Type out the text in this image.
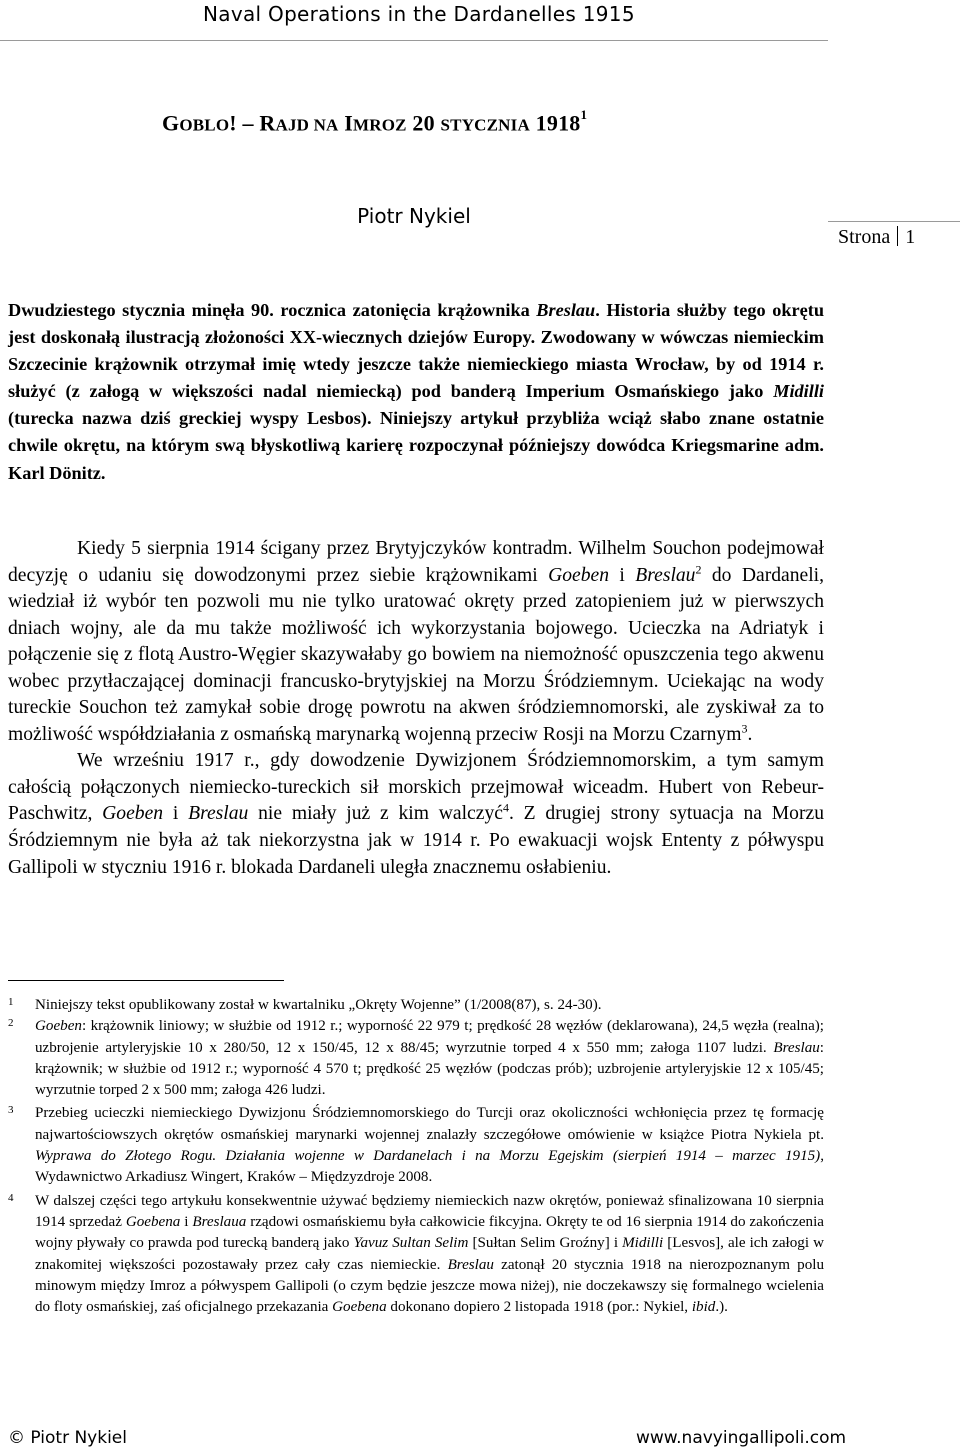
Naval Operations in the Dardanelles 1915
GOBLO! – RAJD NA IMROZ 20 STYCZNIA 1918$^1$
Piotr Nykiel
Strona 1

Dwudziestego stycznia minęła 90. rocznica zatonięcia krążownika Breslau. Historia służby tego okrętu jest doskonałą ilustracją złożoności XX-wiecznych dziejów Europy. Zwodowany w wówczas niemieckim Szczecinie krążownik otrzymał imię wtedy jeszcze także niemieckiego miasta Wrocław, by od 1914 r. służyć (z załogą w większości nadal niemiecką) pod banderą Imperium Osmańskiego jako Midilli (turecka nazwa dziś greckiej wyspy Lesbos). Niniejszy artykuł przybliża wciąż słabo znane ostatnie chwile okrętu, na którym swą błyskotliwą karierę rozpoczynał późniejszy dowódca Kriegsmarine adm. Karl Dönitz.

Kiedy 5 sierpnia 1914 ścigany przez Brytyjczyków kontradm. Wilhelm Souchon podejmował decyzję o udaniu się dowodzonymi przez siebie krążownikami Goeben i Breslau$^2$ do Dardaneli, wiedział iż wybór ten pozwoli mu nie tylko uratować okręty przed zatopieniem już w pierwszych dniach wojny, ale da mu także możliwość ich wykorzystania bojowego. Ucieczka na Adriatyk i połączenie się z flotą Austro-Węgier skazywałaby go bowiem na niemożność opuszczenia tego akwenu wobec przytłaczającej dominacji francusko-brytyjskiej na Morzu Śródziemnym. Uciekając na wody tureckie Souchon też zamykał sobie drogę powrotu na akwen śródziemnomorski, ale zyskiwał za to możliwość współdziałania z osmańską marynarką wojenną przeciw Rosji na Morzu Czarnym$^3$.

We wrześniu 1917 r., gdy dowodzenie Dywizjonem Śródziemnomorskim, a tym samym całością połączonych niemiecko-tureckich sił morskich przejmował wiceadm. Hubert von Rebeur-Paschwitz, Goeben i Breslau nie miały już z kim walczyć$^4$. Z drugiej strony sytuacja na Morzu Śródziemnym nie była aż tak niekorzystna jak w 1914 r. Po ewakuacji wojsk Ententy z półwyspu Gallipoli w styczniu 1916 r. blokada Dardaneli uległa znacznemu osłabieniu.

1 Niniejszy tekst opublikowany został w kwartalniku „Okręty Wojenne” (1/2008(87), s. 24-30).
2 Goeben: krążownik liniowy; w służbie od 1912 r.; wyporność 22 979 t; prędkość 28 węzłów (deklarowana), 24,5 węzła (realna); uzbrojenie artyleryjskie 10 x 280/50, 12 x 150/45, 12 x 88/45; wyrzutnie torped 4 x 550 mm; załoga 1107 ludzi. Breslau: krążownik; w służbie od 1912 r.; wyporność 4 570 t; prędkość 25 węzłów (podczas prób); uzbrojenie artyleryjskie 12 x 105/45; wyrzutnie torped 2 x 500 mm; załoga 426 ludzi.
3 Przebieg ucieczki niemieckiego Dywizjonu Śródziemnomorskiego do Turcji oraz okoliczności wchłonięcia przez tę formację najwartościowszych okrętów osmańskiej marynarki wojennej znalazły szczegółowe omówienie w książce Piotra Nykiela pt. Wyprawa do Złotego Rogu. Działania wojenne w Dardanelach i na Morzu Egejskim (sierpień 1914 – marzec 1915), Wydawnictwo Arkadiusz Wingert, Kraków – Międzyzdroje 2008.
4 W dalszej części tego artykułu konsekwentnie używać będziemy niemieckich nazw okrętów, ponieważ sfinalizowana 10 sierpnia 1914 sprzedaż Goebena i Breslaua rządowi osmańskiemu była całkowicie fikcyjna. Okręty te od 16 sierpnia 1914 do zakończenia wojny pływały co prawda pod turecką banderą jako Yavuz Sultan Selim [Sułtan Selim Groźny] i Midilli [Lesvos], ale ich załogi w znakomitej większości pozostawały przez cały czas niemieckie. Breslau zatonął 20 stycznia 1918 na nierozpoznanym polu minowym między Imroz a półwyspem Gallipoli (o czym będzie jeszcze mowa niżej), nie doczekawszy się formalnego wcielenia do floty osmańskiej, zaś oficjalnego przekazania Goebena dokonano dopiero 2 listopada 1918 (por.: Nykiel, ibid.).
© Piotr Nykiel	www.navyingallipoli.com
